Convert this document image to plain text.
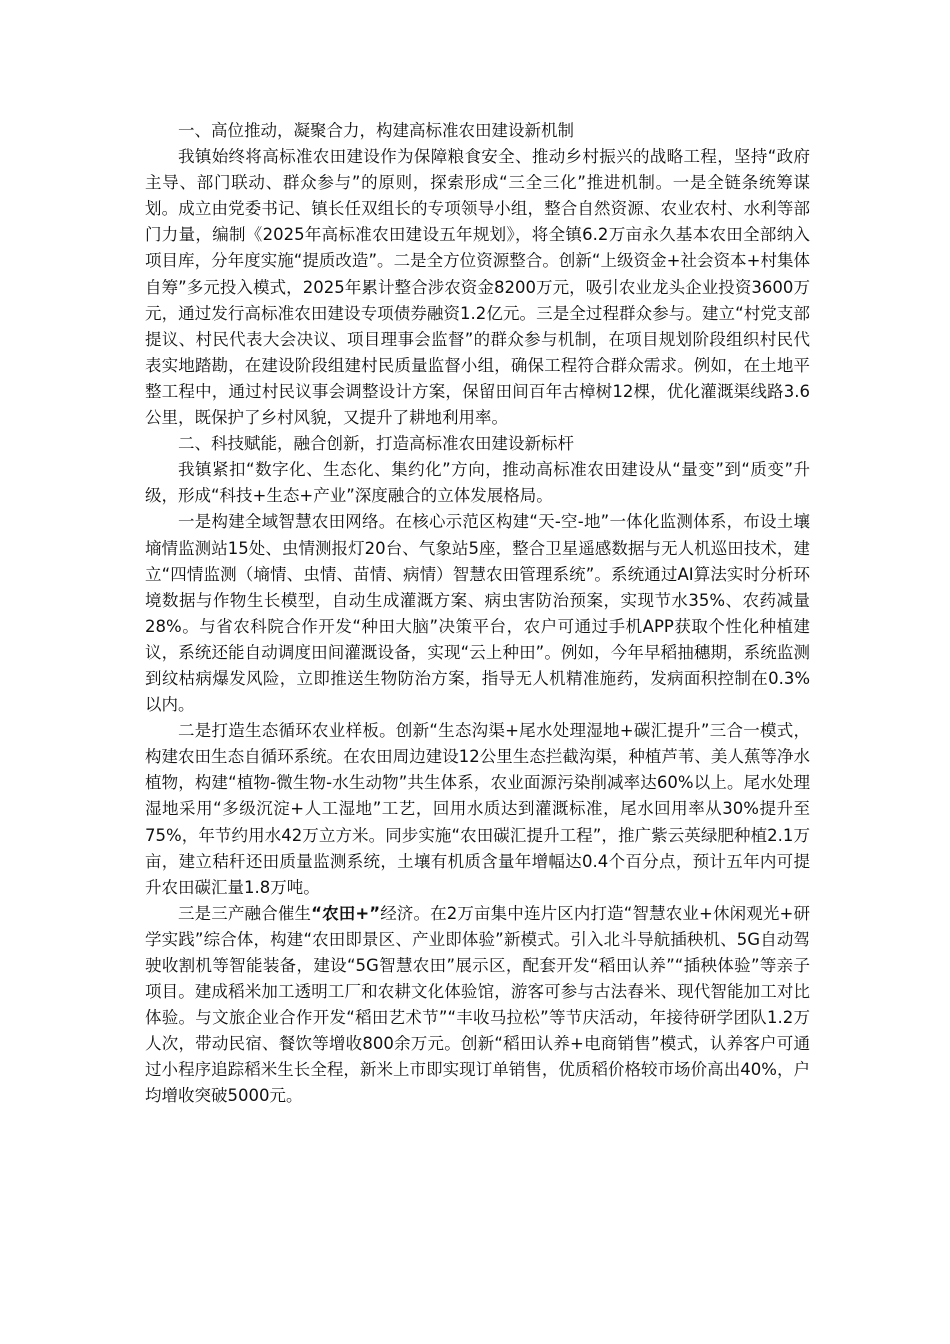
一、高位推动，凝聚合力，构建高标准农田建设新机制

我镇始终将高标准农田建设作为保障粮食安全、推动乡村振兴的战略工程，坚持“政府主导、部门联动、群众参与”的原则，探索形成“三全三化”推进机制。一是全链条统筹谋划。成立由党委书记、镇长任双组长的专项领导小组，整合自然资源、农业农村、水利等部门力量，编制《2025年高标准农田建设五年规划》，将全镇6.2万亩永久基本农田全部纳入项目库，分年度实施“提质改造”。二是全方位资源整合。创新“上级资金+社会资本+村集体自筹”多元投入模式，2025年累计整合涉农资金8200万元，吸引农业龙头企业投资3600万元，通过发行高标准农田建设专项债券融资1.2亿元。三是全过程群众参与。建立“村党支部提议、村民代表大会决议、项目理事会监督”的群众参与机制，在项目规划阶段组织村民代表实地踏勘，在建设阶段组建村民质量监督小组，确保工程符合群众需求。例如，在土地平整工程中，通过村民议事会调整设计方案，保留田间百年古樟树12棵，优化灌溉渠线路3.6公里，既保护了乡村风貌，又提升了耕地利用率。

二、科技赋能，融合创新，打造高标准农田建设新标杆

我镇紧扣“数字化、生态化、集约化”方向，推动高标准农田建设从“量变”到“质变”升级，形成“科技+生态+产业”深度融合的立体发展格局。

一是构建全域智慧农田网络。在核心示范区构建“天-空-地”一体化监测体系，布设土壤墒情监测站15处、虫情测报灯20台、气象站5座，整合卫星遥感数据与无人机巡田技术，建立“四情监测（墒情、虫情、苗情、病情）智慧农田管理系统”。系统通过AI算法实时分析环境数据与作物生长模型，自动生成灌溉方案、病虫害防治预案，实现节水35%、农药减量28%。与省农科院合作开发“种田大脑”决策平台，农户可通过手机APP获取个性化种植建议，系统还能自动调度田间灌溉设备，实现“云上种田”。例如，今年早稻抽穗期，系统监测到纹枯病爆发风险，立即推送生物防治方案，指导无人机精准施药，发病面积控制在0.3%以内。

二是打造生态循环农业样板。创新“生态沟渠+尾水处理湿地+碳汇提升”三合一模式，构建农田生态自循环系统。在农田周边建设12公里生态拦截沟渠，种植芦苇、美人蕉等净水植物，构建“植物-微生物-水生动物”共生体系，农业面源污染削减率达60%以上。尾水处理湿地采用“多级沉淀+人工湿地”工艺，回用水质达到灌溉标准，尾水回用率从30%提升至75%，年节约用水42万立方米。同步实施“农田碳汇提升工程”，推广紫云英绿肥种植2.1万亩，建立秸秆还田质量监测系统，土壤有机质含量年增幅达0.4个百分点，预计五年内可提升农田碳汇量1.8万吨。

三是三产融合催生“农田+”经济。在2万亩集中连片区内打造“智慧农业+休闲观光+研学实践”综合体，构建“农田即景区、产业即体验”新模式。引入北斗导航插秧机、5G自动驾驶收割机等智能装备，建设“5G智慧农田”展示区，配套开发“稻田认养”“插秧体验”等亲子项目。建成稻米加工透明工厂和农耕文化体验馆，游客可参与古法舂米、现代智能加工对比体验。与文旅企业合作开发“稻田艺术节”“丰收马拉松”等节庆活动，年接待研学团队1.2万人次，带动民宿、餐饮等增收800余万元。创新“稻田认养+电商销售”模式，认养客户可通过小程序追踪稻米生长全程，新米上市即实现订单销售，优质稻价格较市场价高出40%，户均增收突破5000元。
